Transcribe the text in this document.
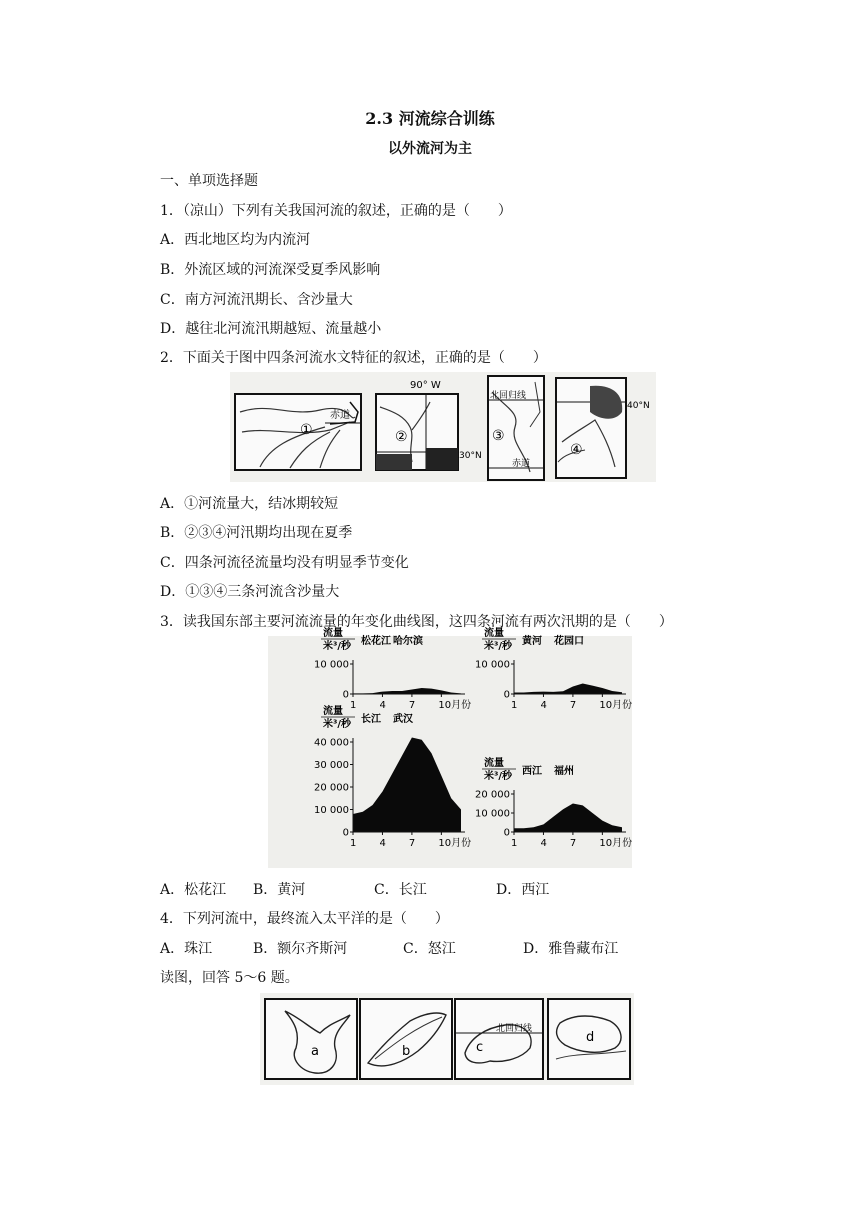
2.3 河流综合训练
以外流河为主
一、单项选择题
1．（凉山）下列有关我国河流的叙述，正确的是（　　）
A．西北地区均为内流河
B．外流区域的河流深受夏季风影响
C．南方河流汛期长、含沙量大
D．越往北河流汛期越短、流量越小
2．下面关于图中四条河流水文特征的叙述，正确的是（　　）
赤道
①
90° W
30°N
②
北回归线
③
赤道
40°N
④
A．①河流量大，结冰期较短
B．②③④河汛期均出现在夏季
C．四条河流径流量均没有明显季节变化
D．①③④三条河流含沙量大
3．读我国东部主要河流流量的年变化曲线图，这四条河流有两次汛期的是（　　）
10 000
0
1 4 7 10月份
流量
米³/秒 松花江 哈尔滨
10 000
0
1 4 7 10月份
流量
米³/秒 黄河 花园口
40 000
30 000
20 000
10 000
0
1 4 7 10月份
流量
米³/秒 长江 武汉
20 000
10 000
0
1 4 7 10月份
流量
米³/秒 西江 福州
A．松花江 B．黄河	C．长江	D．西江
4．下列河流中，最终流入太平洋的是（　　）
A．珠江	B．额尔齐斯河	C．怒江	D．雅鲁藏布江
读图，回答 5～6 题。
a	b
北回归线
c
d
